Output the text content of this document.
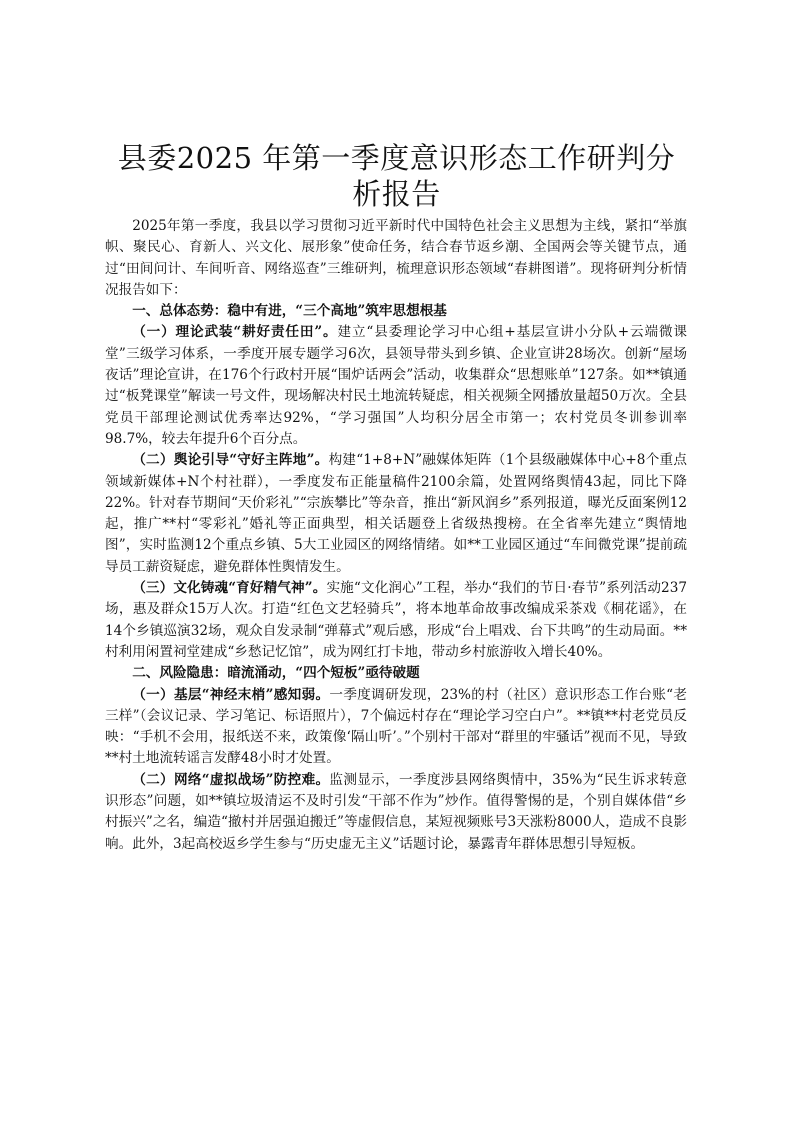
县委2025 年第一季度意识形态工作研判分析报告

2025年第一季度，我县以学习贯彻习近平新时代中国特色社会主义思想为主线，紧扣“举旗帜、聚民心、育新人、兴文化、展形象”使命任务，结合春节返乡潮、全国两会等关键节点，通过“田间问计、车间听音、网络巡查”三维研判，梳理意识形态领域“春耕图谱”。现将研判分析情况报告如下：

一、总体态势：稳中有进，“三个高地”筑牢思想根基

（一）理论武装“耕好责任田”。建立“县委理论学习中心组+基层宣讲小分队+云端微课堂”三级学习体系，一季度开展专题学习6次，县领导带头到乡镇、企业宣讲28场次。创新“屋场夜话”理论宣讲，在176个行政村开展“围炉话两会”活动，收集群众“思想账单”127条。如**镇通过“板凳课堂”解读一号文件，现场解决村民土地流转疑虑，相关视频全网播放量超50万次。全县党员干部理论测试优秀率达92%，“学习强国”人均积分居全市第一；农村党员冬训参训率98.7%，较去年提升6个百分点。

（二）舆论引导“守好主阵地”。构建“1+8+N”融媒体矩阵（1个县级融媒体中心+8个重点领域新媒体+N个村社群），一季度发布正能量稿件2100余篇，处置网络舆情43起，同比下降22%。针对春节期间“天价彩礼”“宗族攀比”等杂音，推出“新风润乡”系列报道，曝光反面案例12起，推广**村“零彩礼”婚礼等正面典型，相关话题登上省级热搜榜。在全省率先建立“舆情地图”，实时监测12个重点乡镇、5大工业园区的网络情绪。如**工业园区通过“车间微党课”提前疏导员工薪资疑虑，避免群体性舆情发生。

（三）文化铸魂“育好精气神”。实施“文化润心”工程，举办“我们的节日·春节”系列活动237场，惠及群众15万人次。打造“红色文艺轻骑兵”，将本地革命故事改编成采茶戏《桐花谣》，在14个乡镇巡演32场，观众自发录制“弹幕式”观后感，形成“台上唱戏、台下共鸣”的生动局面。**村利用闲置祠堂建成“乡愁记忆馆”，成为网红打卡地，带动乡村旅游收入增长40%。

二、风险隐患：暗流涌动，“四个短板”亟待破题

（一）基层“神经末梢”感知弱。一季度调研发现，23%的村（社区）意识形态工作台账“老三样”（会议记录、学习笔记、标语照片），7个偏远村存在“理论学习空白户”。**镇**村老党员反映：“手机不会用，报纸送不来，政策像‘隔山听’。”个别村干部对“群里的牢骚话”视而不见，导致**村土地流转谣言发酵48小时才处置。

（二）网络“虚拟战场”防控难。监测显示，一季度涉县网络舆情中，35%为“民生诉求转意识形态”问题，如**镇垃圾清运不及时引发“干部不作为”炒作。值得警惕的是，个别自媒体借“乡村振兴”之名，编造“撤村并居强迫搬迁”等虚假信息，某短视频账号3天涨粉8000人，造成不良影响。此外，3起高校返乡学生参与“历史虚无主义”话题讨论，暴露青年群体思想引导短板。
